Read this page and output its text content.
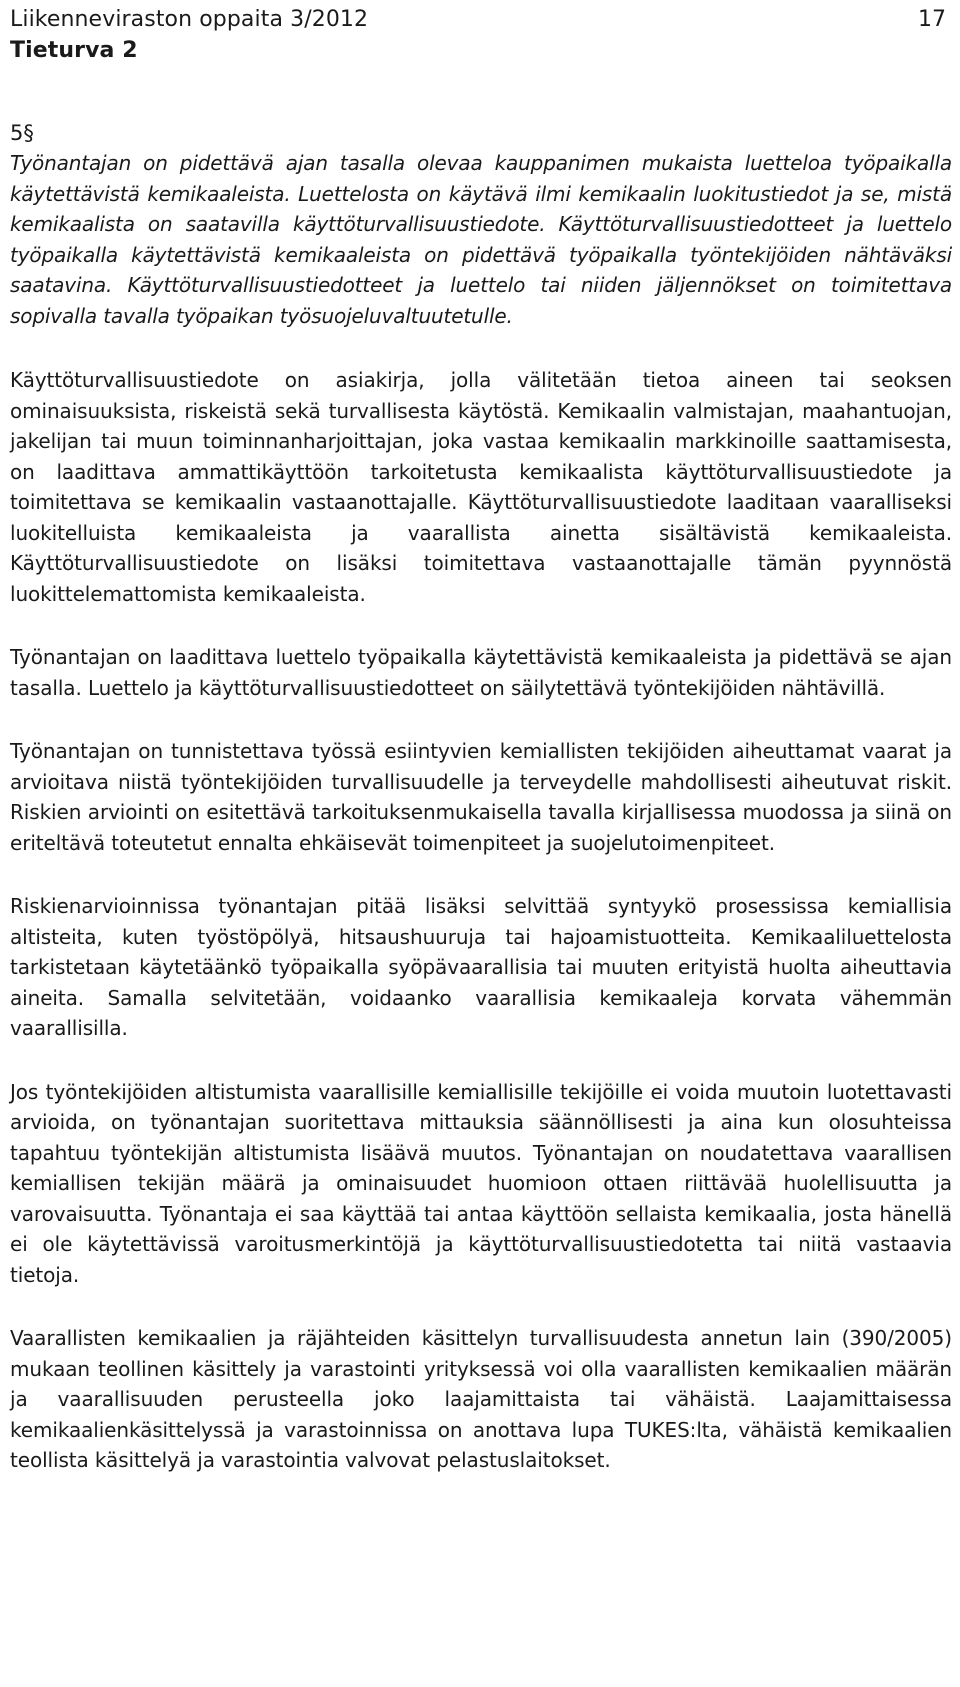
Liikenneviraston oppaita 3/2012
Tieturva 2
17

5§

Työnantajan on pidettävä ajan tasalla olevaa kauppanimen mukaista luetteloa työpaikalla käytettävistä kemikaaleista. Luettelosta on käytävä ilmi kemikaalin luokitustiedot ja se, mistä kemikaalista on saatavilla käyttöturvallisuustiedote. Käyttöturvallisuustiedotteet ja luettelo työpaikalla käytettävistä kemikaaleista on pidettävä työpaikalla työntekijöiden nähtäväksi saatavina. Käyttöturvallisuustiedotteet ja luettelo tai niiden jäljennökset on toimitettava sopivalla tavalla työpaikan työsuojeluvaltuutetulle.

Käyttöturvallisuustiedote on asiakirja, jolla välitetään tietoa aineen tai seoksen ominaisuuksista, riskeistä sekä turvallisesta käytöstä. Kemikaalin valmistajan, maahantuojan, jakelijan tai muun toiminnanharjoittajan, joka vastaa kemikaalin markkinoille saattamisesta, on laadittava ammattikäyttöön tarkoitetusta kemikaalista käyttöturvallisuustiedote ja toimitettava se kemikaalin vastaanottajalle. Käyttöturvallisuustiedote laaditaan vaaralliseksi luokitelluista kemikaaleista ja vaarallista ainetta sisältävistä kemikaaleista. Käyttöturvallisuustiedote on lisäksi toimitettava vastaanottajalle tämän pyynnöstä luokittelemattomista kemikaaleista.

Työnantajan on laadittava luettelo työpaikalla käytettävistä kemikaaleista ja pidettävä se ajan tasalla. Luettelo ja käyttöturvallisuustiedotteet on säilytettävä työntekijöiden nähtävillä.

Työnantajan on tunnistettava työssä esiintyvien kemiallisten tekijöiden aiheuttamat vaarat ja arvioitava niistä työntekijöiden turvallisuudelle ja terveydelle mahdollisesti aiheutuvat riskit. Riskien arviointi on esitettävä tarkoituksenmukaisella tavalla kirjallisessa muodossa ja siinä on eriteltävä toteutetut ennalta ehkäisevät toimenpiteet ja suojelutoimenpiteet.

Riskienarvioinnissa työnantajan pitää lisäksi selvittää syntyykö prosessissa kemiallisia altisteita, kuten työstöpölyä, hitsaushuuruja tai hajoamistuotteita. Kemikaaliluettelosta tarkistetaan käytetäänkö työpaikalla syöpävaarallisia tai muuten erityistä huolta aiheuttavia aineita. Samalla selvitetään, voidaanko vaarallisia kemikaaleja korvata vähemmän vaarallisilla.

Jos työntekijöiden altistumista vaarallisille kemiallisille tekijöille ei voida muutoin luotettavasti arvioida, on työnantajan suoritettava mittauksia säännöllisesti ja aina kun olosuhteissa tapahtuu työntekijän altistumista lisäävä muutos. Työnantajan on noudatettava vaarallisen kemiallisen tekijän määrä ja ominaisuudet huomioon ottaen riittävää huolellisuutta ja varovaisuutta. Työnantaja ei saa käyttää tai antaa käyttöön sellaista kemikaalia, josta hänellä ei ole käytettävissä varoitusmerkintöjä ja käyttöturvallisuustiedotetta tai niitä vastaavia tietoja.

Vaarallisten kemikaalien ja räjähteiden käsittelyn turvallisuudesta annetun lain (390/2005) mukaan teollinen käsittely ja varastointi yrityksessä voi olla vaarallisten kemikaalien määrän ja vaarallisuuden perusteella joko laajamittaista tai vähäistä. Laajamittaisessa kemikaalienkäsittelyssä ja varastoinnissa on anottava lupa TUKES:lta, vähäistä kemikaalien teollista käsittelyä ja varastointia valvovat pelastuslaitokset.
